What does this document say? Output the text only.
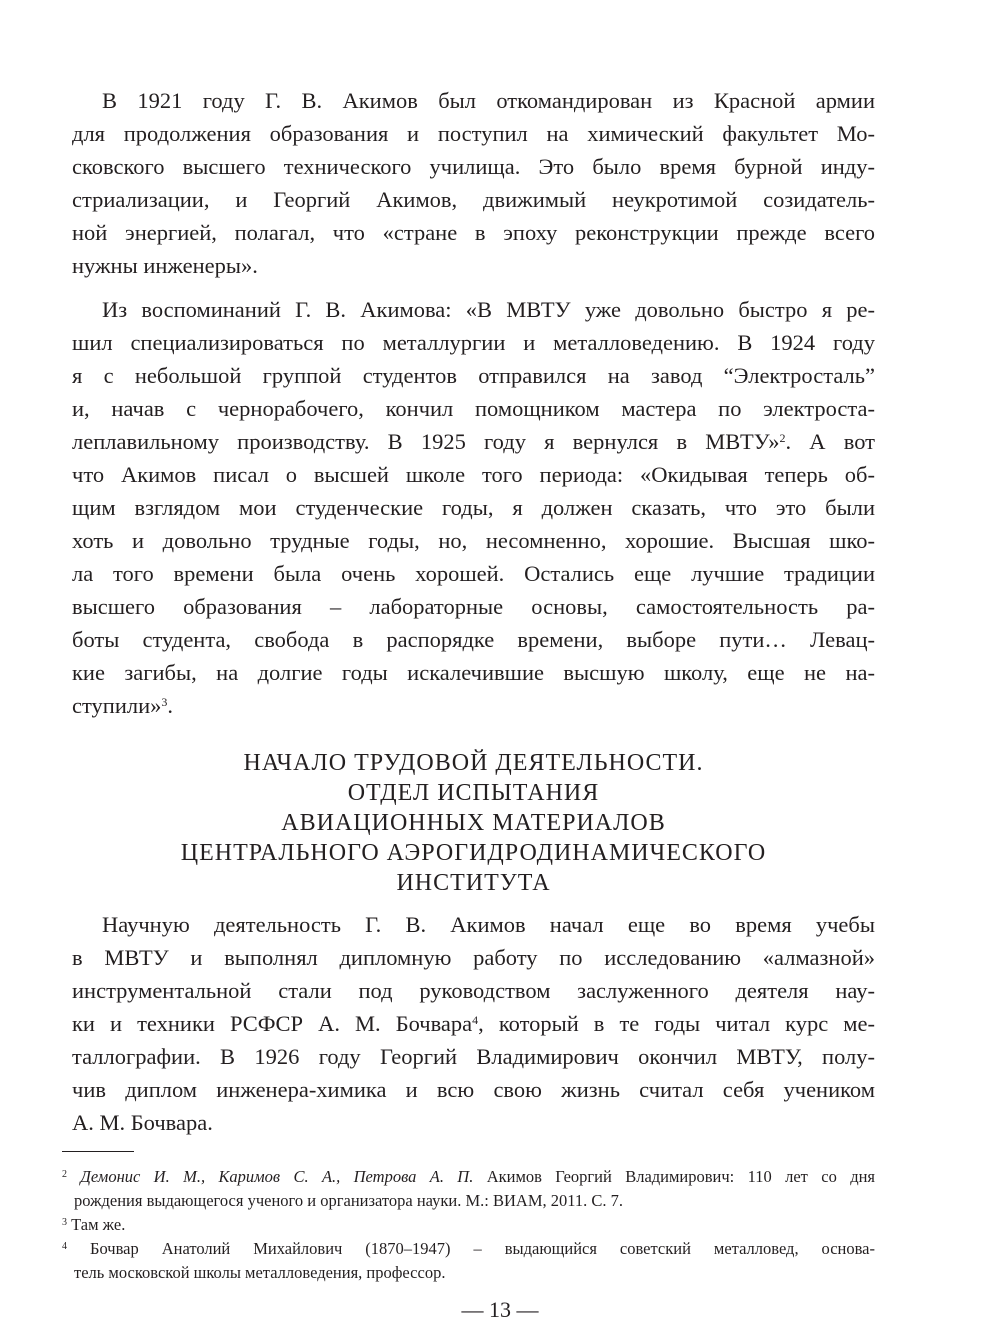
В 1921 году Г. В. Акимов был откомандирован из Красной армии
для продолжения образования и поступил на химический факультет Мо-
сковского высшего технического училища. Это было время бурной инду-
стриализации, и Георгий Акимов, движимый неукротимой созидатель-
ной энергией, полагал, что «стране в эпоху реконструкции прежде всего
нужны инженеры».
Из воспоминаний Г. В. Акимова: «В МВТУ уже довольно быстро я ре-
шил специализироваться по металлургии и металловедению. В 1924 году
я с небольшой группой студентов отправился на завод “Электросталь”
и, начав с чернорабочего, кончил помощником мастера по электроста-
леплавильному производству. В 1925 году я вернулся в МВТУ»$^2$. А вот
что Акимов писал о высшей школе того периода: «Окидывая теперь об-
щим взглядом мои студенческие годы, я должен сказать, что это были
хоть и довольно трудные годы, но, несомненно, хорошие. Высшая шко-
ла того времени была очень хорошей. Остались еще лучшие традиции
высшего образования – лабораторные основы, самостоятельность ра-
боты студента, свобода в распорядке времени, выборе пути… Левац-
кие загибы, на долгие годы искалечившие высшую школу, еще не на-
ступили»$^3$.
НАЧАЛО ТРУДОВОЙ ДЕЯТЕЛЬНОСТИ.
ОТДЕЛ ИСПЫТАНИЯ
АВИАЦИОННЫХ МАТЕРИАЛОВ
ЦЕНТРАЛЬНОГО АЭРОГИДРОДИНАМИЧЕСКОГО
ИНСТИТУТА
Научную деятельность Г. В. Акимов начал еще во время учебы
в МВТУ и выполнял дипломную работу по исследованию «алмазной»
инструментальной стали под руководством заслуженного деятеля нау-
ки и техники РСФСР А. М. Бочвара$^4$, который в те годы читал курс ме-
таллографии. В 1926 году Георгий Владимирович окончил МВТУ, полу-
чив диплом инженера-химика и всю свою жизнь считал себя учеником
А. М. Бочвара.
$^2$ Демонис И. М., Каримов С. А., Петрова А. П. Акимов Георгий Владимирович: 110 лет со дня
рождения выдающегося ученого и организатора науки. М.: ВИАМ, 2011. С. 7.
$^3$ Там же.
$^4$ Бочвар Анатолий Михайлович (1870–1947) – выдающийся советский металловед, основа-
тель московской школы металловедения, профессор.
— 13 —
